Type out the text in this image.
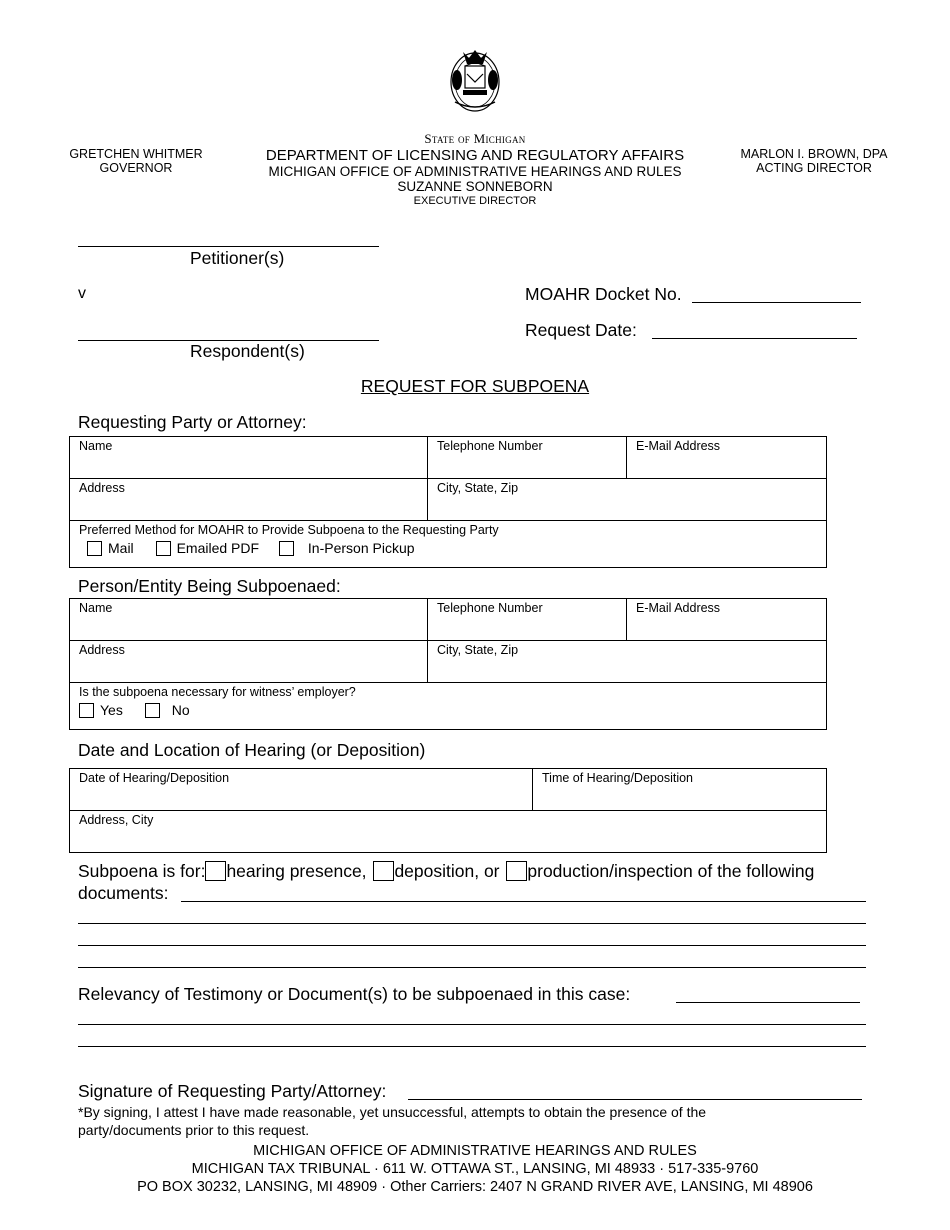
GRETCHEN WHITMER
GOVERNOR
State of Michigan
DEPARTMENT OF LICENSING AND REGULATORY AFFAIRS
MICHIGAN OFFICE OF ADMINISTRATIVE HEARINGS AND RULES
SUZANNE SONNEBORN
EXECUTIVE DIRECTOR
MARLON I. BROWN, DPA
ACTING DIRECTOR
Petitioner(s)
v
Respondent(s)
MOAHR Docket No.
Request Date:
REQUEST FOR SUBPOENA
Requesting Party or Attorney:
Name	Telephone Number	E-Mail Address
Address	City, State, Zip	

Preferred Method for MOAHR to Provide Subpoena to the Requesting Party
Mail Emailed PDF In-Person Pickup		
Person/Entity Being Subpoenaed:
Name	Telephone Number	E-Mail Address
Address	City, State, Zip	

Is the subpoena necessary for witness’ employer?
Yes No		
Date and Location of Hearing (or Deposition)
Date of Hearing/Deposition	Time of Hearing/Deposition
Address, City
Subpoena is for: hearing presence, deposition, or production/inspection of the following
documents:
Relevancy of Testimony or Document(s) to be subpoenaed in this case:
Signature of Requesting Party/Attorney:
*By signing, I attest I have made reasonable, yet unsuccessful, attempts to obtain the presence of the
party/documents prior to this request.
MICHIGAN OFFICE OF ADMINISTRATIVE HEARINGS AND RULES
MICHIGAN TAX TRIBUNAL · 611 W. OTTAWA ST., LANSING, MI 48933 · 517-335-9760
PO BOX 30232, LANSING, MI 48909 · Other Carriers: 2407 N GRAND RIVER AVE, LANSING, MI 48906
